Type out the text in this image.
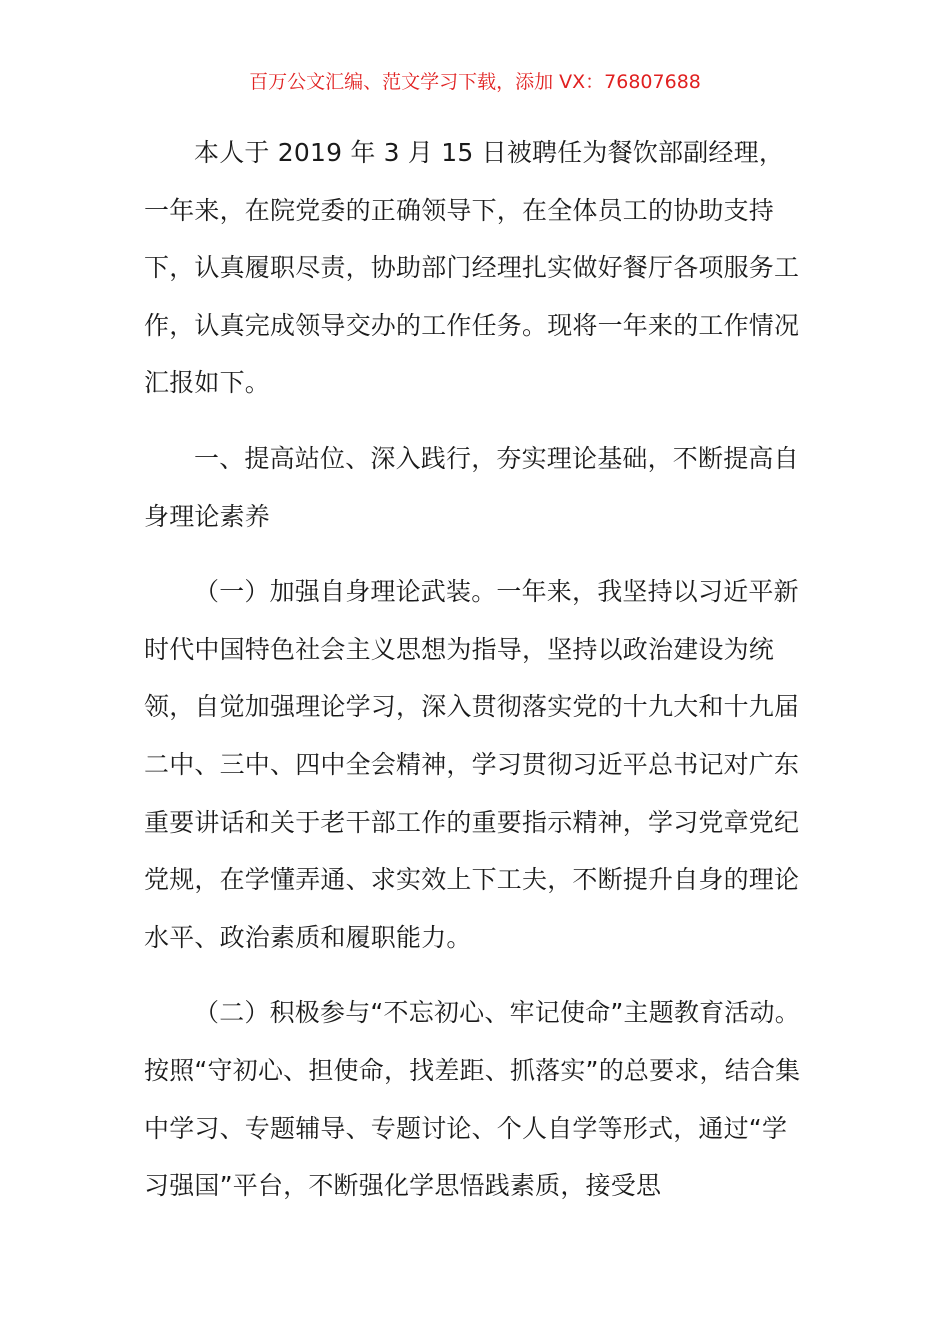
百万公文汇编、范文学习下载，添加 VX：76807688

本人于 2019 年 3 月 15 日被聘任为餐饮部副经理，一年来，在院党委的正确领导下，在全体员工的协助支持下，认真履职尽责，协助部门经理扎实做好餐厅各项服务工作，认真完成领导交办的工作任务。现将一年来的工作情况汇报如下。

一、提高站位、深入践行，夯实理论基础，不断提高自身理论素养

（一）加强自身理论武装。一年来，我坚持以习近平新时代中国特色社会主义思想为指导，坚持以政治建设为统领，自觉加强理论学习，深入贯彻落实党的十九大和十九届二中、三中、四中全会精神，学习贯彻习近平总书记对广东重要讲话和关于老干部工作的重要指示精神，学习党章党纪党规，在学懂弄通、求实效上下工夫，不断提升自身的理论水平、政治素质和履职能力。

（二）积极参与“不忘初心、牢记使命”主题教育活动。按照“守初心、担使命，找差距、抓落实”的总要求，结合集中学习、专题辅导、专题讨论、个人自学等形式，通过“学习强国”平台，不断强化学思悟践素质，接受思
